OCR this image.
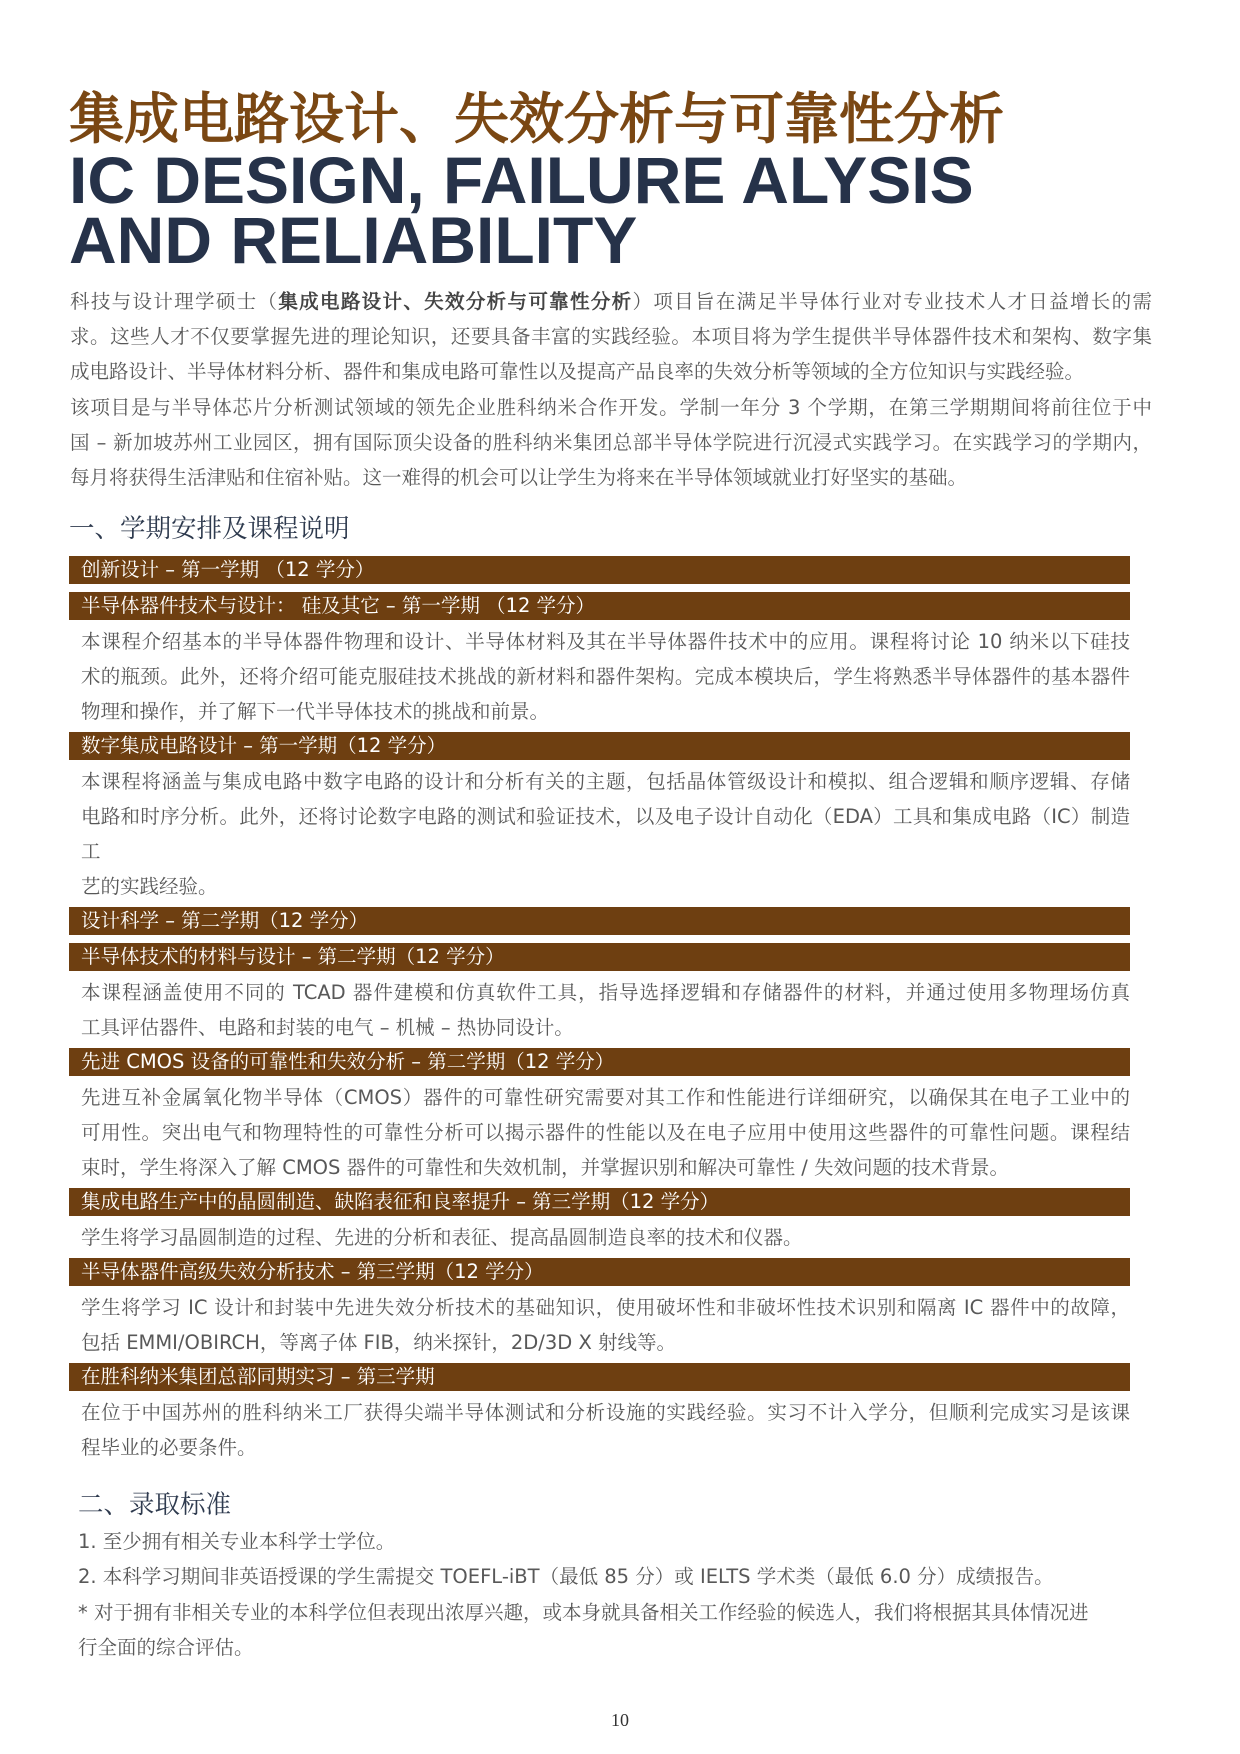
集成电路设计、失效分析与可靠性分析
IC DESIGN, FAILURE ALYSIS
AND RELIABILITY
科技与设计理学硕士（集成电路设计、失效分析与可靠性分析）项目旨在满足半导体行业对专业技术人才日益增长的需
求。这些人才不仅要掌握先进的理论知识，还要具备丰富的实践经验。本项目将为学生提供半导体器件技术和架构、数字集
成电路设计、半导体材料分析、器件和集成电路可靠性以及提高产品良率的失效分析等领域的全方位知识与实践经验。
该项目是与半导体芯片分析测试领域的领先企业胜科纳米合作开发。学制一年分 3 个学期，在第三学期期间将前往位于中
国 – 新加坡苏州工业园区，拥有国际顶尖设备的胜科纳米集团总部半导体学院进行沉浸式实践学习。在实践学习的学期内，
每月将获得生活津贴和住宿补贴。这一难得的机会可以让学生为将来在半导体领域就业打好坚实的基础。
一、学期安排及课程说明
创新设计 – 第一学期 （12 学分）
半导体器件技术与设计： 硅及其它 – 第一学期 （12 学分）
本课程介绍基本的半导体器件物理和设计、半导体材料及其在半导体器件技术中的应用。课程将讨论 10 纳米以下硅技
术的瓶颈。此外，还将介绍可能克服硅技术挑战的新材料和器件架构。完成本模块后，学生将熟悉半导体器件的基本器件
物理和操作，并了解下一代半导体技术的挑战和前景。
数字集成电路设计 – 第一学期（12 学分）
本课程将涵盖与集成电路中数字电路的设计和分析有关的主题，包括晶体管级设计和模拟、组合逻辑和顺序逻辑、存储
电路和时序分析。此外，还将讨论数字电路的测试和验证技术，以及电子设计自动化（EDA）工具和集成电路（IC）制造工
艺的实践经验。
设计科学 – 第二学期（12 学分）
半导体技术的材料与设计 – 第二学期（12 学分）
本课程涵盖使用不同的 TCAD 器件建模和仿真软件工具，指导选择逻辑和存储器件的材料，并通过使用多物理场仿真
工具评估器件、电路和封装的电气 – 机械 – 热协同设计。
先进 CMOS 设备的可靠性和失效分析 – 第二学期（12 学分）
先进互补金属氧化物半导体（CMOS）器件的可靠性研究需要对其工作和性能进行详细研究，以确保其在电子工业中的
可用性。突出电气和物理特性的可靠性分析可以揭示器件的性能以及在电子应用中使用这些器件的可靠性问题。课程结
束时，学生将深入了解 CMOS 器件的可靠性和失效机制，并掌握识别和解决可靠性 / 失效问题的技术背景。
集成电路生产中的晶圆制造、缺陷表征和良率提升 – 第三学期（12 学分）
学生将学习晶圆制造的过程、先进的分析和表征、提高晶圆制造良率的技术和仪器。
半导体器件高级失效分析技术 – 第三学期（12 学分）
学生将学习 IC 设计和封装中先进失效分析技术的基础知识，使用破坏性和非破坏性技术识别和隔离 IC 器件中的故障，
包括 EMMI/OBIRCH，等离子体 FIB，纳米探针，2D/3D X 射线等。
在胜科纳米集团总部同期实习 – 第三学期
在位于中国苏州的胜科纳米工厂获得尖端半导体测试和分析设施的实践经验。实习不计入学分，但顺利完成实习是该课
程毕业的必要条件。
二、录取标准
1. 至少拥有相关专业本科学士学位。
2. 本科学习期间非英语授课的学生需提交 TOEFL-iBT（最低 85 分）或 IELTS 学术类（最低 6.0 分）成绩报告。
* 对于拥有非相关专业的本科学位但表现出浓厚兴趣，或本身就具备相关工作经验的候选人，我们将根据其具体情况进
行全面的综合评估。
10
